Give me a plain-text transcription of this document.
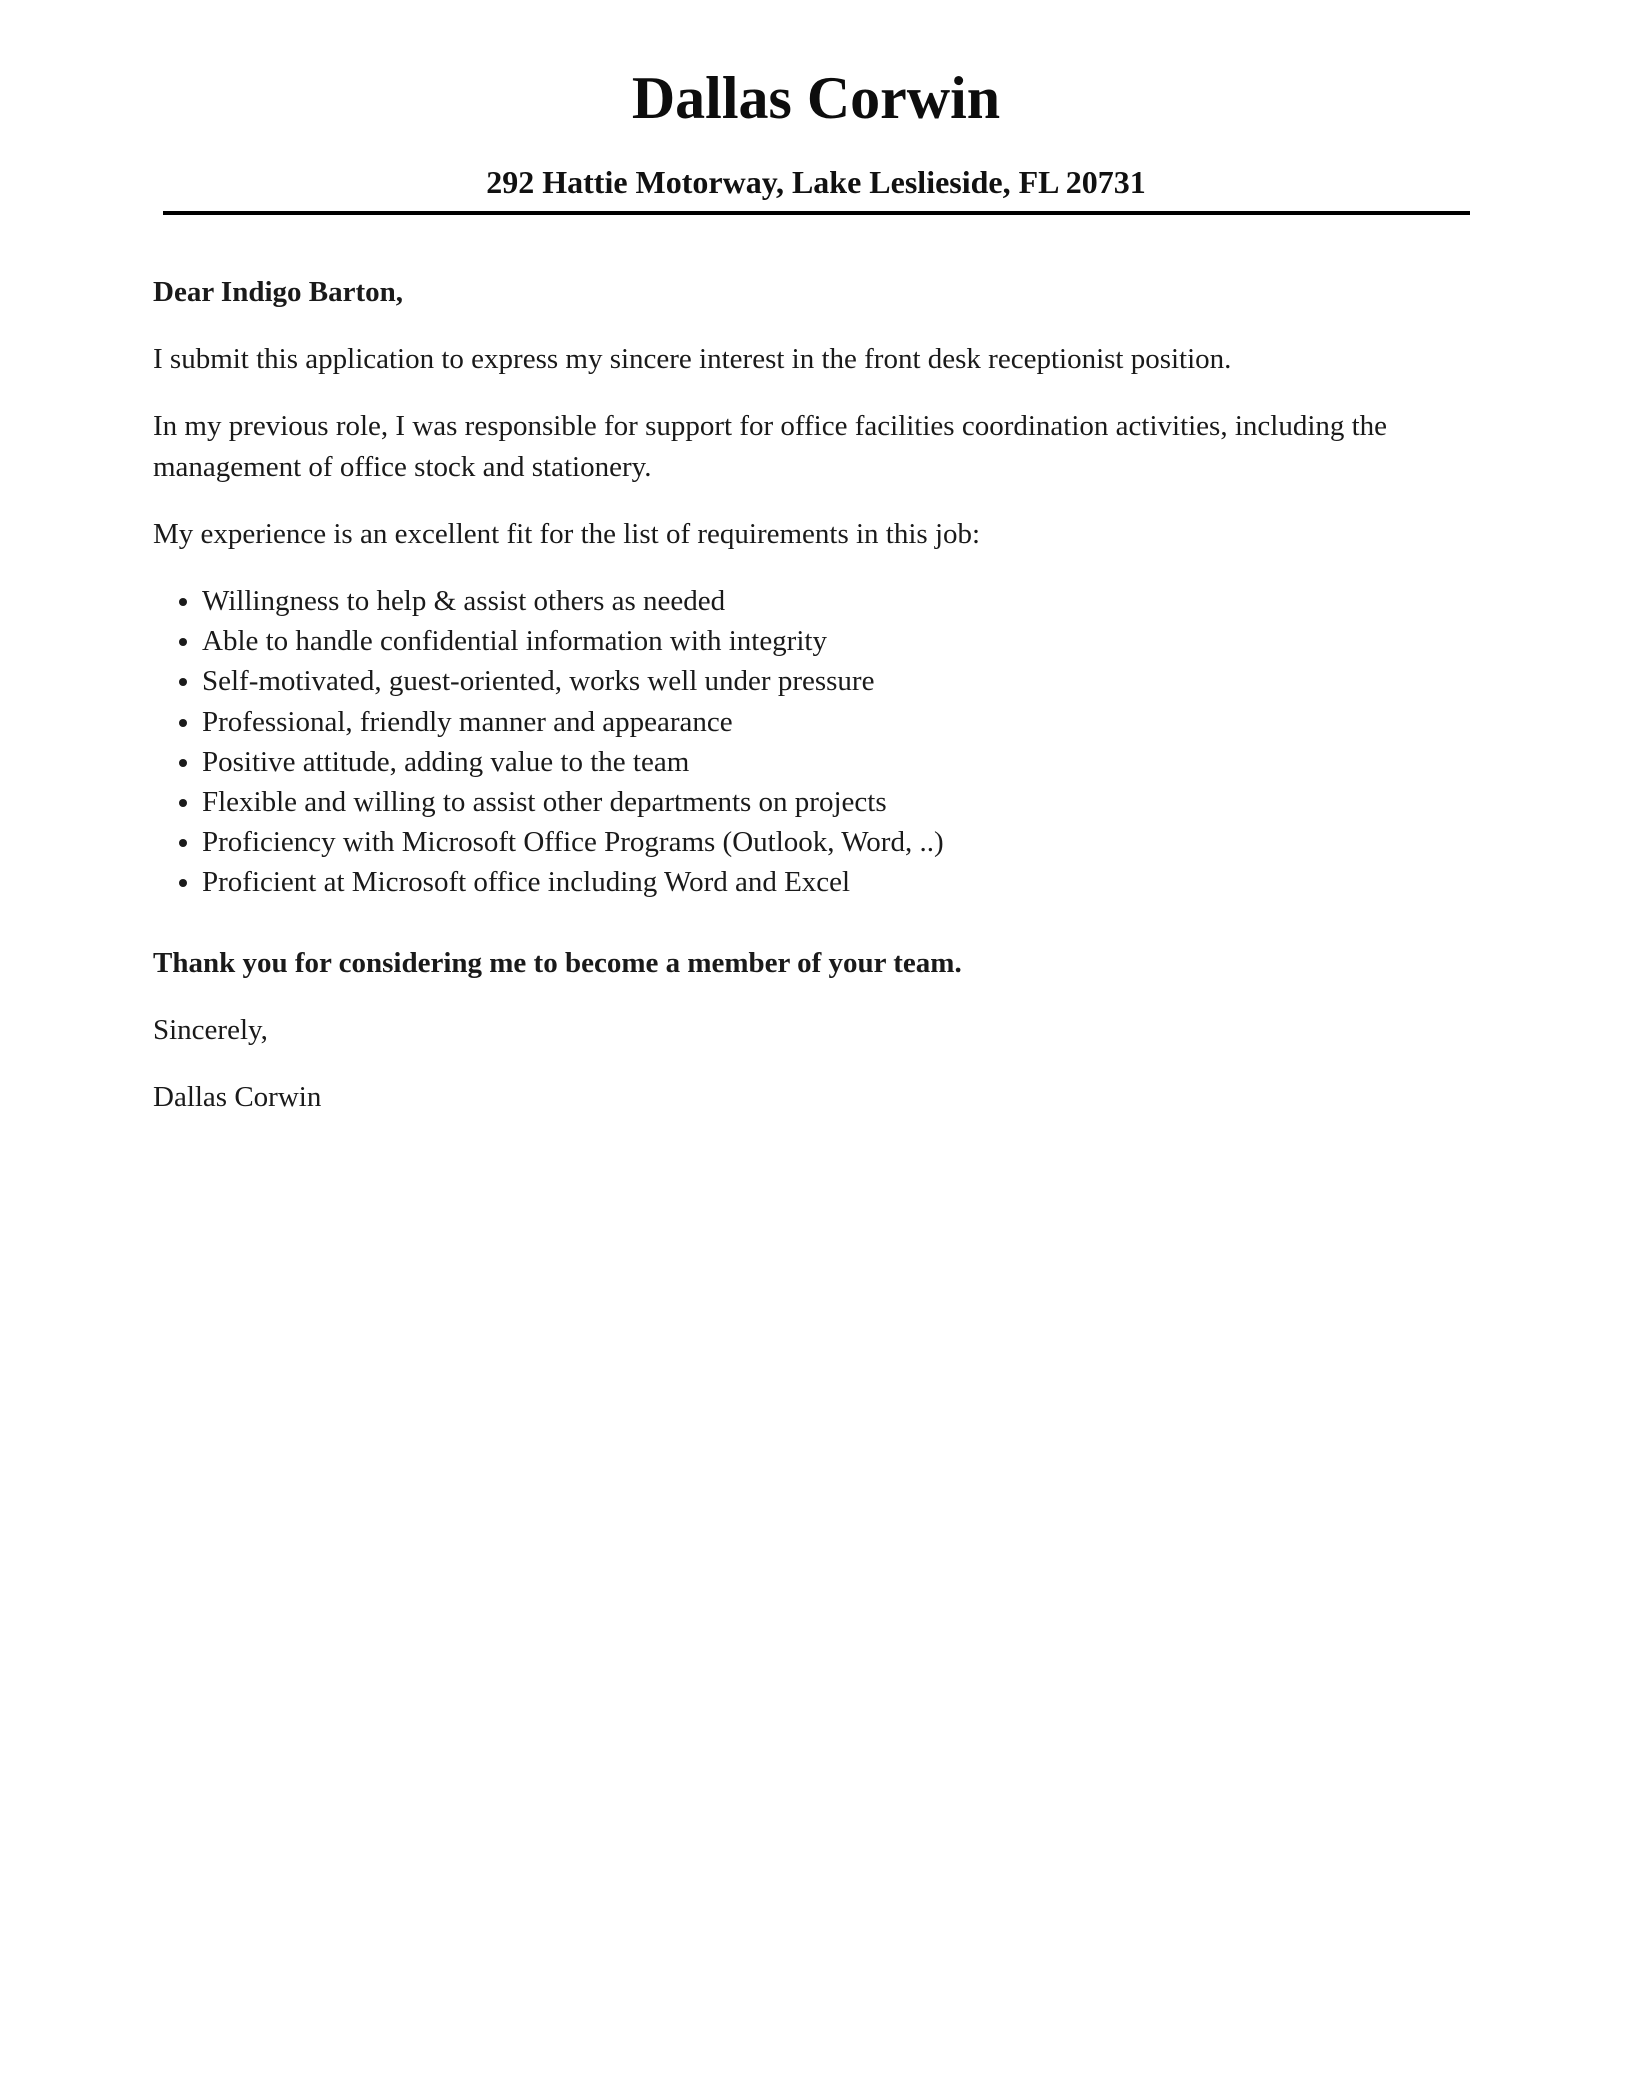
Dallas Corwin
292 Hattie Motorway, Lake Leslieside, FL 20731

Dear Indigo Barton,

I submit this application to express my sincere interest in the front desk receptionist position.

In my previous role, I was responsible for support for office facilities coordination activities, including the management of office stock and stationery.

My experience is an excellent fit for the list of requirements in this job:

Willingness to help & assist others as needed
Able to handle confidential information with integrity
Self-motivated, guest-oriented, works well under pressure
Professional, friendly manner and appearance
Positive attitude, adding value to the team
Flexible and willing to assist other departments on projects
Proficiency with Microsoft Office Programs (Outlook, Word, ..)
Proficient at Microsoft office including Word and Excel

Thank you for considering me to become a member of your team.

Sincerely,

Dallas Corwin
